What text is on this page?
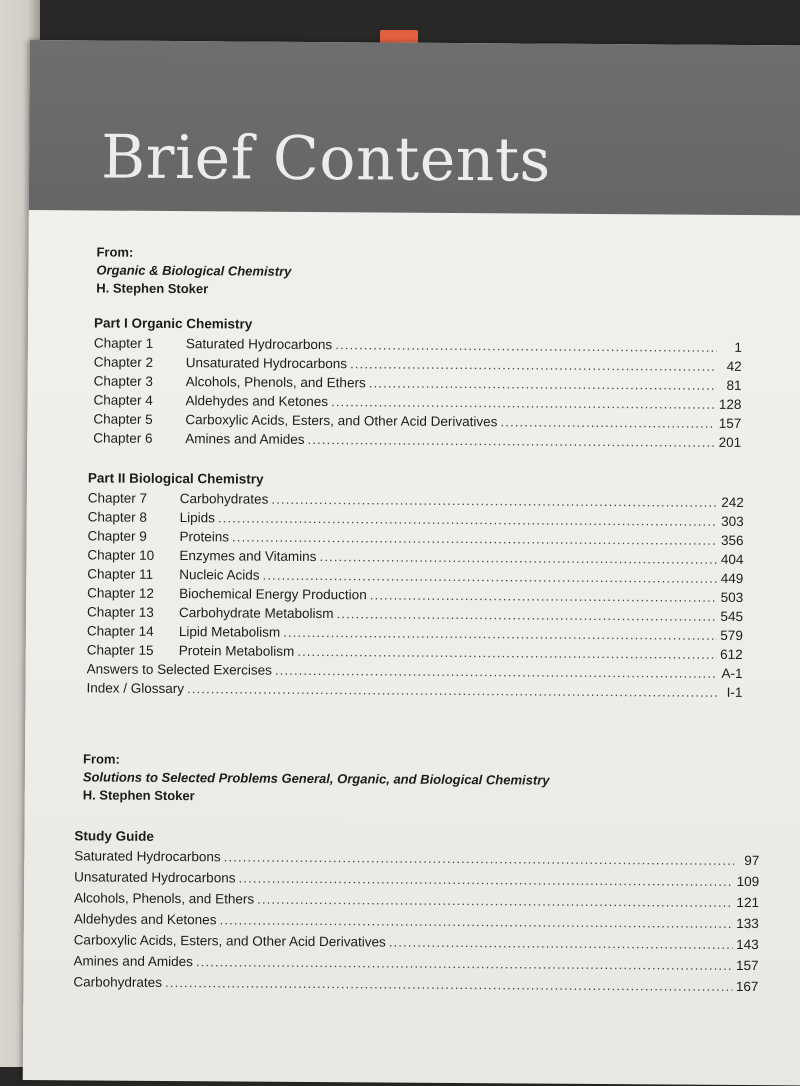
Brief Contents
From:
Organic & Biological Chemistry
H. Stephen Stoker
Part I Organic Chemistry
Chapter 1	Saturated Hydrocarbons .....	1
Chapter 2	Unsaturated Hydrocarbons .....	42
Chapter 3	Alcohols, Phenols, and Ethers .....	81
Chapter 4	Aldehydes and Ketones .....	128
Chapter 5	Carboxylic Acids, Esters, and Other Acid Derivatives .....	157
Chapter 6	Amines and Amides .....	201
Part II Biological Chemistry
Chapter 7	Carbohydrates .....	242
Chapter 8	Lipids .....	303
Chapter 9	Proteins .....	356
Chapter 10	Enzymes and Vitamins .....	404
Chapter 11	Nucleic Acids .....	449
Chapter 12	Biochemical Energy Production .....	503
Chapter 13	Carbohydrate Metabolism .....	545
Chapter 14	Lipid Metabolism .....	579
Chapter 15	Protein Metabolism .....	612
Answers to Selected Exercises .....	A-1
Index / Glossary .....	I-1
From:
Solutions to Selected Problems General, Organic, and Biological Chemistry
H. Stephen Stoker
Study Guide
Saturated Hydrocarbons .....	97
Unsaturated Hydrocarbons .....	109
Alcohols, Phenols, and Ethers .....	121
Aldehydes and Ketones .....	133
Carboxylic Acids, Esters, and Other Acid Derivatives .....	143
Amines and Amides .....	157
Carbohydrates .....	167
